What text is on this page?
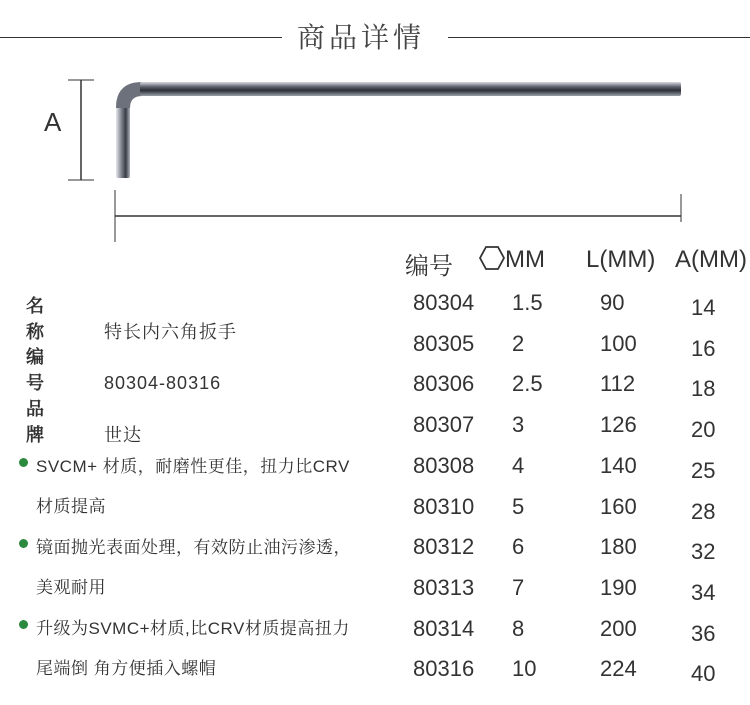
商品详情
A
名称 特长内六角扳手
编号 80304-80316
品牌 世达
SVCM+ 材质，耐磨性更佳，扭力比CRV
材质提高
镜面抛光表面处理，有效防止油污渗透，
美观耐用
升级为SVMC+材质,比CRV材质提高扭力
尾端倒 角方便插入螺帽
编号	MM L(MM) A(MM)
80304 1.5	90	14
80305 2	100 16
80306 2.5	112	18
80307 3	126 20
80308 4	140 25
80310 5	160 28
80312 6	180 32
80313 7	190 34
80314 8	200 36
80316 10	224 40
